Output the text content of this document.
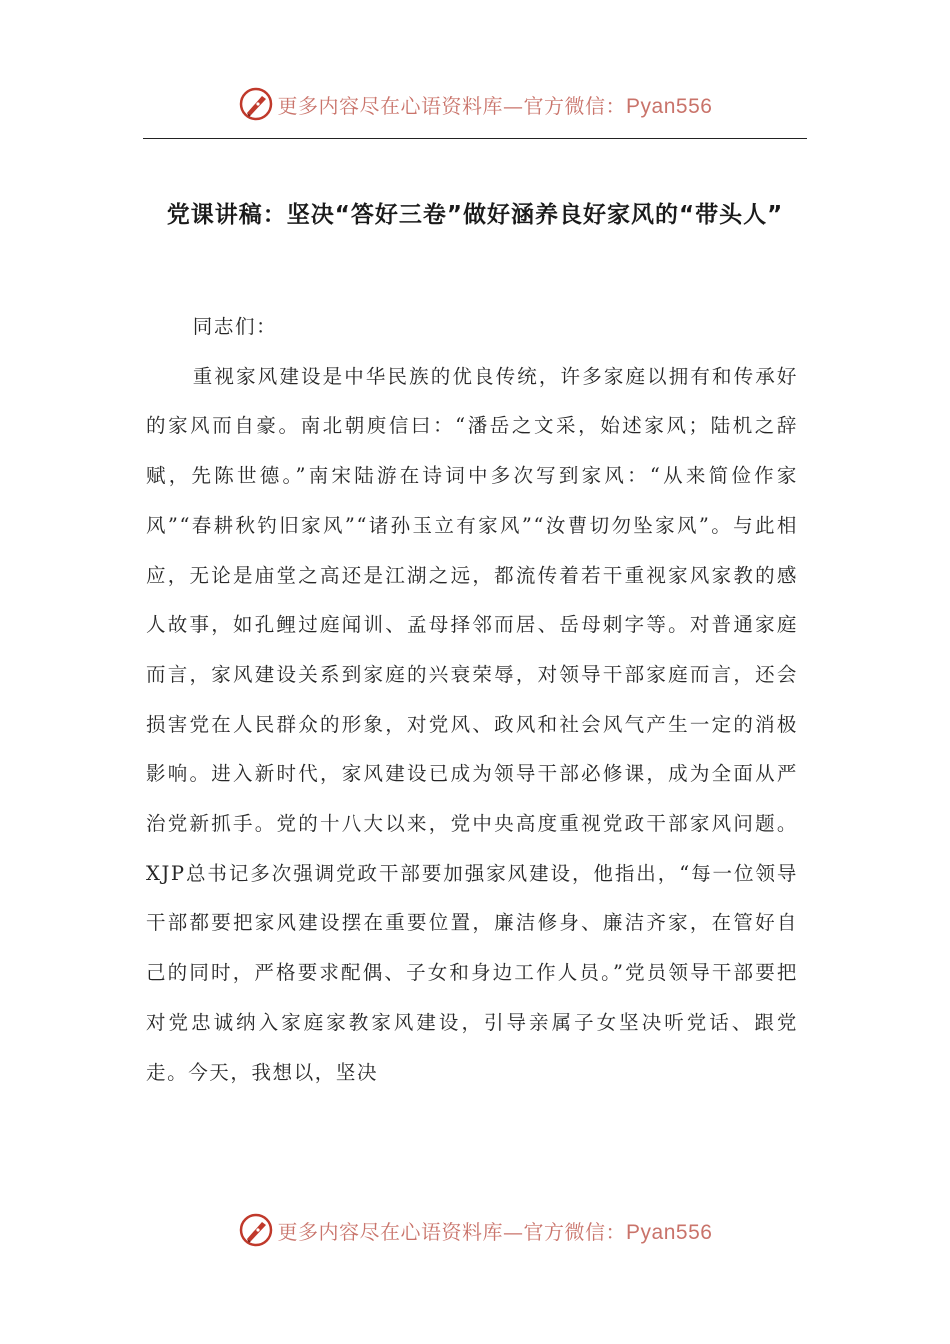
更多内容尽在心语资料库—官方微信：Pyan556
党课讲稿：坚决“答好三卷”做好涵养良好家风的“带头人”

同志们：

重视家风建设是中华民族的优良传统，许多家庭以拥有和传承好的家风而自豪。南北朝庾信曰：“潘岳之文采，始述家风；陆机之辞赋，先陈世德。”南宋陆游在诗词中多次写到家风：“从来简俭作家风”“春耕秋钓旧家风”“诸孙玉立有家风”“汝曹切勿坠家风”。与此相应，无论是庙堂之高还是江湖之远，都流传着若干重视家风家教的感人故事，如孔鲤过庭闻训、孟母择邻而居、岳母刺字等。对普通家庭而言，家风建设关系到家庭的兴衰荣辱，对领导干部家庭而言，还会损害党在人民群众的形象，对党风、政风和社会风气产生一定的消极影响。进入新时代，家风建设已成为领导干部必修课，成为全面从严治党新抓手。党的十八大以来，党中央高度重视党政干部家风问题。XJP总书记多次强调党政干部要加强家风建设，他指出，“每一位领导干部都要把家风建设摆在重要位置，廉洁修身、廉洁齐家，在管好自己的同时，严格要求配偶、子女和身边工作人员。”党员领导干部要把对党忠诚纳入家庭家教家风建设，引导亲属子女坚决听党话、跟党走。今天，我想以，坚决

更多内容尽在心语资料库—官方微信：Pyan556
